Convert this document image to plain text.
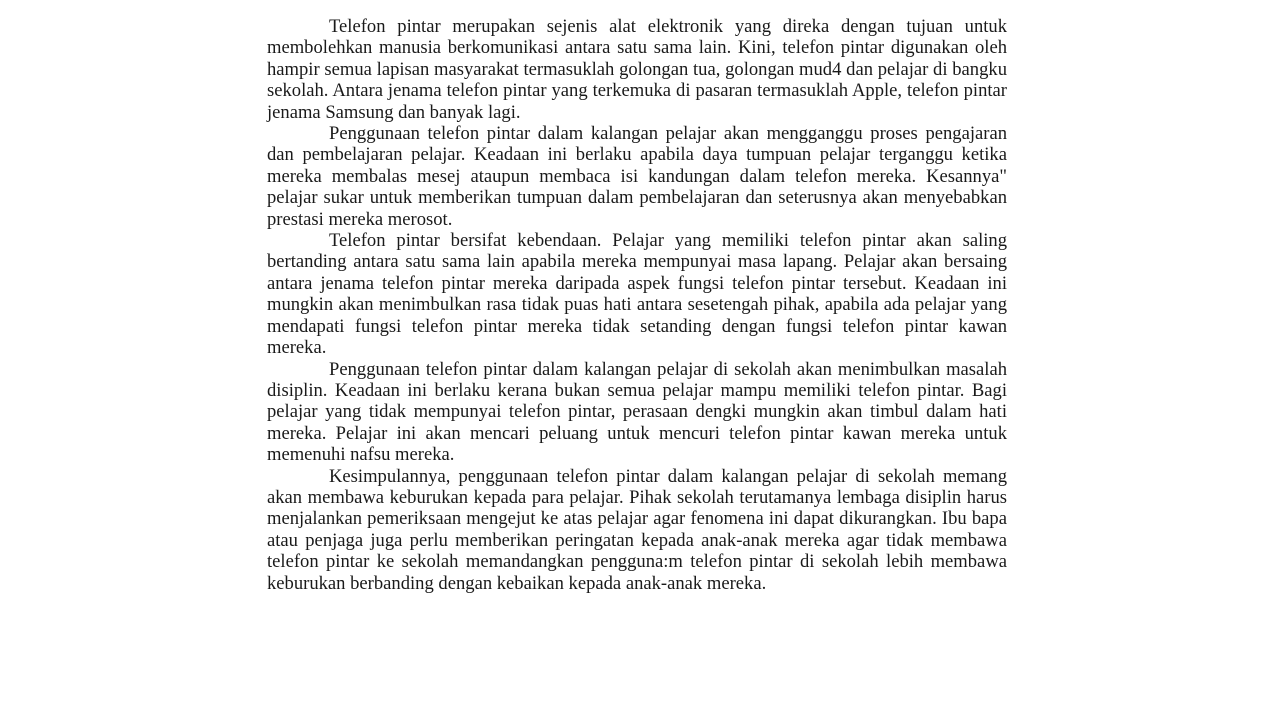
Telefon pintar merupakan sejenis alat elektronik yang direka dengan tujuan untuk membolehkan manusia berkomunikasi antara satu sama lain. Kini, telefon pintar digunakan oleh hampir semua lapisan masyarakat termasuklah golongan tua, golongan mud4 dan pelajar di bangku sekolah. Antara jenama telefon pintar yang terkemuka di pasaran termasuklah Apple, telefon pintar jenama Samsung dan banyak lagi.

Penggunaan telefon pintar dalam kalangan pelajar akan mengganggu proses pengajaran dan pembelajaran pelajar. Keadaan ini berlaku apabila daya tumpuan pelajar terganggu ketika mereka membalas mesej ataupun membaca isi kandungan dalam telefon mereka. Kesannya" pelajar sukar untuk memberikan tumpuan dalam pembelajaran dan seterusnya akan menyebabkan prestasi mereka merosot.

Telefon pintar bersifat kebendaan. Pelajar yang memiliki telefon pintar akan saling bertanding antara satu sama lain apabila mereka mempunyai masa lapang. Pelajar akan bersaing antara jenama telefon pintar mereka daripada aspek fungsi telefon pintar tersebut. Keadaan ini mungkin akan menimbulkan rasa tidak puas hati antara sesetengah pihak, apabila ada pelajar yang mendapati fungsi telefon pintar mereka tidak setanding dengan fungsi telefon pintar kawan mereka.

Penggunaan telefon pintar dalam kalangan pelajar di sekolah akan menimbulkan masalah disiplin. Keadaan ini berlaku kerana bukan semua pelajar mampu memiliki telefon pintar. Bagi pelajar yang tidak mempunyai telefon pintar, perasaan dengki mungkin akan timbul dalam hati mereka. Pelajar ini akan mencari peluang untuk mencuri telefon pintar kawan mereka untuk memenuhi nafsu mereka.

Kesimpulannya, penggunaan telefon pintar dalam kalangan pelajar di sekolah memang akan membawa keburukan kepada para pelajar. Pihak sekolah terutamanya lembaga disiplin harus menjalankan pemeriksaan mengejut ke atas pelajar agar fenomena ini dapat dikurangkan. Ibu bapa atau penjaga juga perlu memberikan peringatan kepada anak-anak mereka agar tidak membawa telefon pintar ke sekolah memandangkan pengguna:m telefon pintar di sekolah lebih membawa keburukan berbanding dengan kebaikan kepada anak-anak mereka.
